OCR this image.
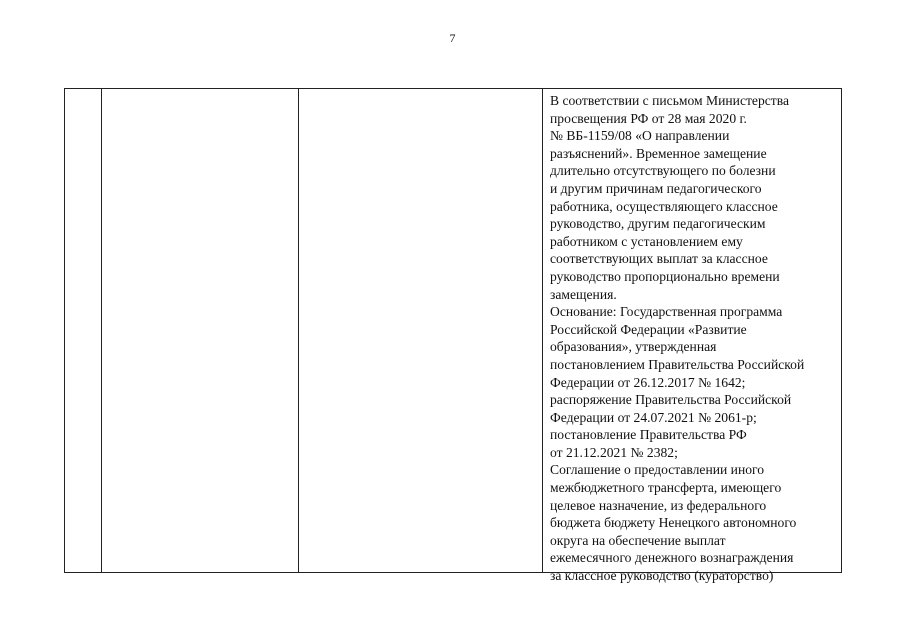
7
В соответствии с письмом Министерства
просвещения РФ от 28 мая 2020 г.
№ ВБ-1159/08 «О направлении
разъяснений». Временное замещение
длительно отсутствующего по болезни
и другим причинам педагогического
работника, осуществляющего классное
руководство, другим педагогическим
работником с установлением ему
соответствующих выплат за классное
руководство пропорционально времени
замещения.
Основание: Государственная программа
Российской Федерации «Развитие
образования», утвержденная
постановлением Правительства Российской
Федерации от 26.12.2017 № 1642;
распоряжение Правительства Российской
Федерации от 24.07.2021 № 2061-р;
постановление Правительства РФ
от 21.12.2021 № 2382;
Соглашение о предоставлении иного
межбюджетного трансферта, имеющего
целевое назначение, из федерального
бюджета бюджету Ненецкого автономного
округа на обеспечение выплат
ежемесячного денежного вознаграждения
за классное руководство (кураторство)
